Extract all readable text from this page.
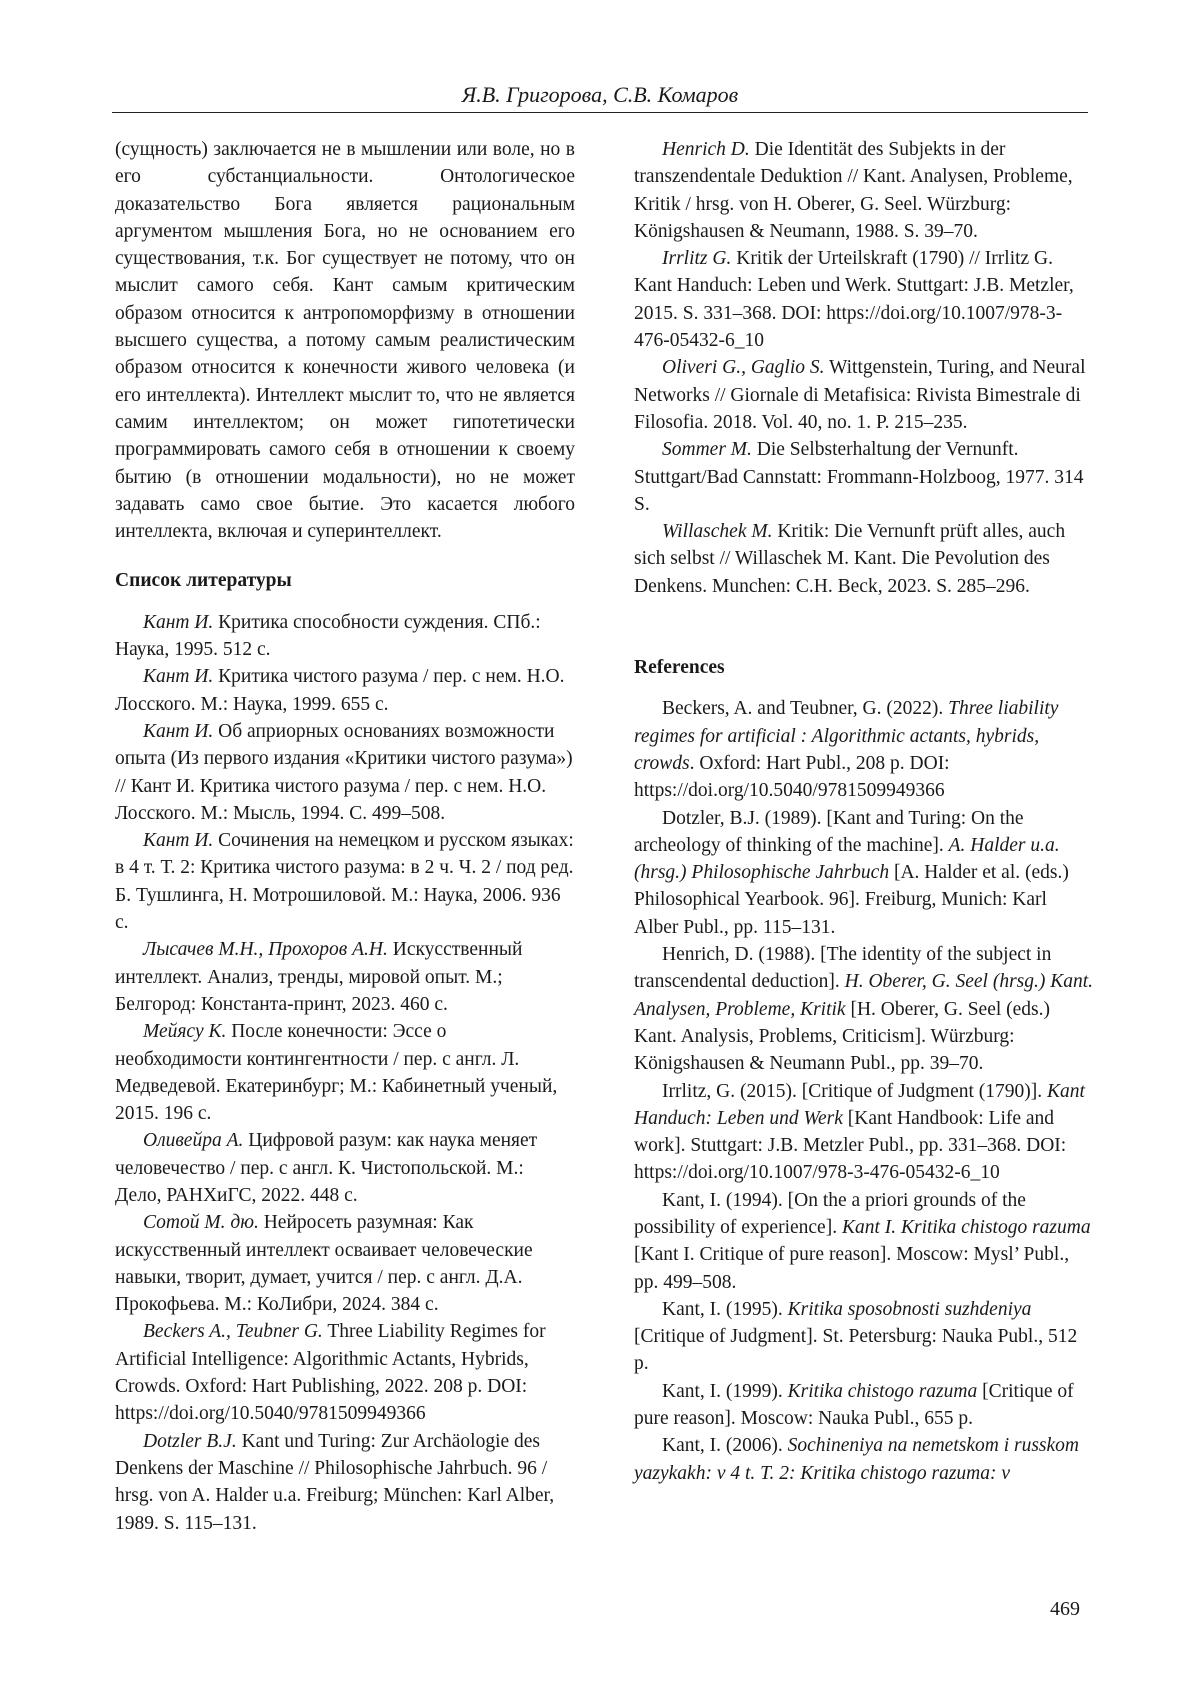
Я.В. Григорова, С.В. Комаров

(сущность) заключается не в мышлении или воле, но в его субстанциальности. Онтологическое доказательство Бога является рациональным аргументом мышления Бога, но не основанием его существования, т.к. Бог существует не потому, что он мыслит самого себя. Кант самым критическим образом относится к антропоморфизму в отношении высшего существа, а потому самым реалистическим образом относится к конечности живого человека (и его интеллекта). Интеллект мыслит то, что не является самим интеллектом; он может гипотетически программировать самого себя в отношении к своему бытию (в отношении модальности), но не может задавать само свое бытие. Это касается любого интеллекта, включая и суперинтеллект.

Список литературы

Кант И. Критика способности суждения. СПб.: Наука, 1995. 512 с.

Кант И. Критика чистого разума / пер. с нем. Н.О. Лосского. М.: Наука, 1999. 655 с.

Кант И. Об априорных основаниях возможности опыта (Из первого издания «Критики чистого разума») // Кант И. Критика чистого разума / пер. с нем. Н.О. Лосского. М.: Мысль, 1994. С. 499–508.

Кант И. Сочинения на немецком и русском языках: в 4 т. Т. 2: Критика чистого разума: в 2 ч. Ч. 2 / под ред. Б. Тушлинга, Н. Мотрошиловой. М.: Наука, 2006. 936 с.

Лысачев М.Н., Прохоров А.Н. Искусственный интеллект. Анализ, тренды, мировой опыт. М.; Белгород: Константа-принт, 2023. 460 с.

Мейясу К. После конечности: Эссе о необходимости контингентности / пер. с англ. Л. Медведевой. Екатеринбург; М.: Кабинетный ученый, 2015. 196 с.

Оливейра А. Цифровой разум: как наука меняет человечество / пер. с англ. К. Чистопольской. М.: Дело, РАНХиГС, 2022. 448 с.

Сотой М. дю. Нейросеть разумная: Как искусственный интеллект осваивает человеческие навыки, творит, думает, учится / пер. с англ. Д.А. Прокофьева. М.: КоЛибри, 2024. 384 с.

Beckers A., Teubner G. Three Liability Regimes for Artificial Intelligence: Algorithmic Actants, Hybrids, Crowds. Oxford: Hart Publishing, 2022. 208 p. DOI: https://doi.org/10.5040/9781509949366

Dotzler B.J. Kant und Turing: Zur Archäologie des Denkens der Maschine // Philosophische Jahrbuch. 96 / hrsg. von A. Halder u.a. Freiburg; München: Karl Alber, 1989. S. 115–131.

Henrich D. Die Identität des Subjekts in der transzendentale Deduktion // Kant. Analysen, Probleme, Kritik / hrsg. von H. Oberer, G. Seel. Würzburg: Königshausen & Neumann, 1988. S. 39–70.

Irrlitz G. Kritik der Urteilskraft (1790) // Irrlitz G. Kant Handuch: Leben und Werk. Stuttgart: J.B. Metzler, 2015. S. 331–368. DOI: https://doi.org/10.1007/978-3-476-05432-6_10

Oliveri G., Gaglio S. Wittgenstein, Turing, and Neural Networks // Giornale di Metafisica: Rivista Bimestrale di Filosofia. 2018. Vol. 40, no. 1. P. 215–235.

Sommer M. Die Selbsterhaltung der Vernunft. Stuttgart/Bad Cannstatt: Frommann-Holzboog, 1977. 314 S.

Willaschek M. Kritik: Die Vernunft prüft alles, auch sich selbst // Willaschek M. Kant. Die Pevolution des Denkens. Munchen: C.H. Beck, 2023. S. 285–296.

References

Beckers, A. and Teubner, G. (2022). Three liability regimes for artificial : Algorithmic actants, hybrids, crowds. Oxford: Hart Publ., 208 p. DOI: https://doi.org/10.5040/9781509949366

Dotzler, B.J. (1989). [Kant and Turing: On the archeology of thinking of the machine]. A. Halder u.a. (hrsg.) Philosophische Jahrbuch [A. Halder et al. (eds.) Philosophical Yearbook. 96]. Freiburg, Munich: Karl Alber Publ., pp. 115–131.

Henrich, D. (1988). [The identity of the subject in transcendental deduction]. H. Oberer, G. Seel (hrsg.) Kant. Analysen, Probleme, Kritik [H. Oberer, G. Seel (eds.) Kant. Analysis, Problems, Criticism]. Würzburg: Königshausen & Neumann Publ., pp. 39–70.

Irrlitz, G. (2015). [Critique of Judgment (1790)]. Kant Handuch: Leben und Werk [Kant Handbook: Life and work]. Stuttgart: J.B. Metzler Publ., pp. 331–368. DOI: https://doi.org/10.1007/978-3-476-05432-6_10

Kant, I. (1994). [On the a priori grounds of the possibility of experience]. Kant I. Kritika chistogo razuma [Kant I. Critique of pure reason]. Moscow: Mysl’ Publ., pp. 499–508.

Kant, I. (1995). Kritika sposobnosti suzhdeniya [Critique of Judgment]. St. Petersburg: Nauka Publ., 512 p.

Kant, I. (1999). Kritika chistogo razuma [Critique of pure reason]. Moscow: Nauka Publ., 655 p.

Kant, I. (2006). Sochineniya na nemetskom i russkom yazykakh: v 4 t. T. 2: Kritika chistogo razuma: v

469
